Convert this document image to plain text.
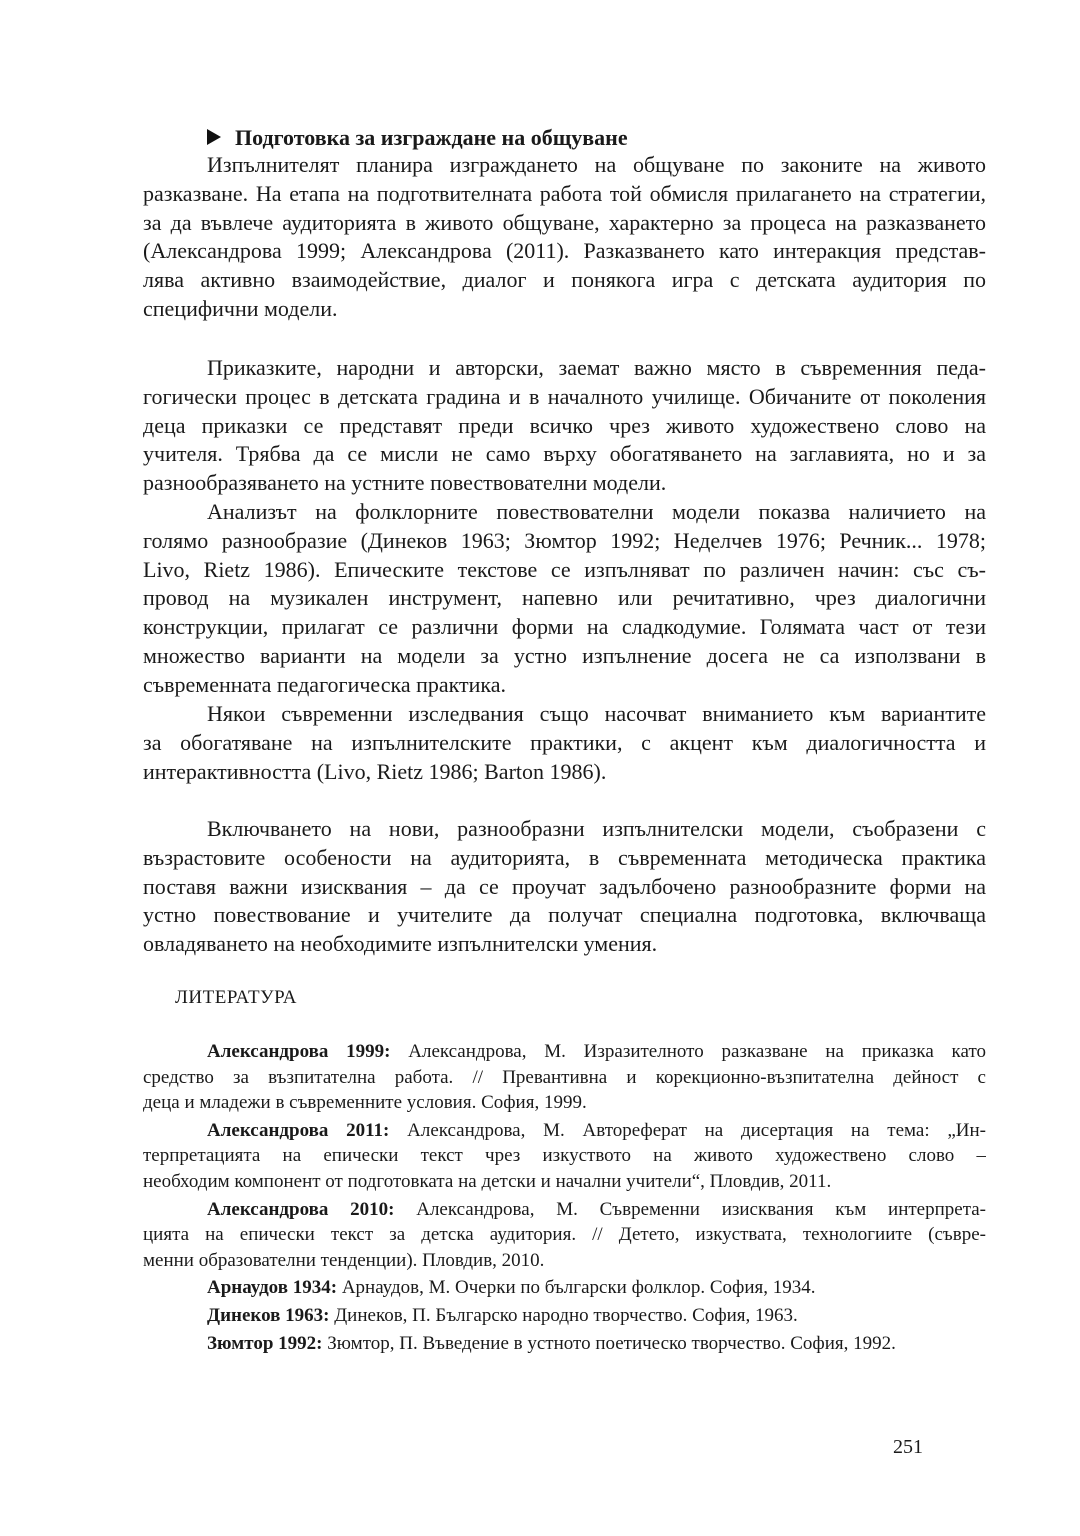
Подготовка за изграждане на общуване
Изпълнителят планира изграждането на общуване по законите на живото
разказване. На етапа на подготвителната работа той обмисля прилагането на стратегии,
за да въвлече аудиторията в живото общуване, характерно за процеса на разказването
(Александрова 1999; Александрова (2011). Разказването като интеракция представ-
лява активно взаимодействие, диалог и понякога игра с детската аудитория по
специфични модели.
Приказките, народни и авторски, заемат важно място в съвременния педа-
гогически процес в детската градина и в началното училище. Обичаните от поколения
деца приказки се представят преди всичко чрез живото художествено слово на
учителя. Трябва да се мисли не само върху обогатяването на заглавията, но и за
разнообразяването на устните повествователни модели.
Анализът на фолклорните повествователни модели показва наличието на
голямо разнообразие (Динеков 1963; Зюмтор 1992; Неделчев 1976; Речник... 1978;
Livo, Rietz 1986). Епическите текстове се изпълняват по различен начин: със съ-
провод на музикален инструмент, напевно или речитативно, чрез диалогични
конструкции, прилагат се различни форми на сладкодумие. Голямата част от тези
множество варианти на модели за устно изпълнение досега не са използвани в
съвременната педагогическа практика.
Някои съвременни изследвания също насочват вниманието към вариантите
за обогатяване на изпълнителските практики, с акцент към диалогичността и
интерактивността (Livo, Rietz 1986; Barton 1986).
Включването на нови, разнообразни изпълнителски модели, съобразени с
възрастовите особености на аудиторията, в съвременната методическа практика
поставя важни изисквания – да се проучат задълбочено разнообразните форми на
устно повествование и учителите да получат специална подготовка, включваща
овладяването на необходимите изпълнителски умения.
ЛИТЕРАТУРА
Александрова 1999: Александрова, М. Изразителното разказване на приказка като
средство за възпитателна работа. // Превантивна и корекционно-възпитателна дейност с
деца и младежи в съвременните условия. София, 1999.
Александрова 2011: Александрова, М. Автореферат на дисертация на тема: „Ин-
терпретацията на епически текст чрез изкуството на живото художествено слово –
необходим компонент от подготовката на детски и начални учители“, Пловдив, 2011.
Александрова 2010: Александрова, М. Съвременни изисквания към интерпрета-
цията на епически текст за детска аудитория. // Детето, изкуствата, технологиите (съвре-
менни образователни тенденции). Пловдив, 2010.
Арнаудов 1934: Арнаудов, М. Очерки по български фолклор. София, 1934.
Динеков 1963: Динеков, П. Българско народно творчество. София, 1963.
Зюмтор 1992: Зюмтор, П. Въведение в устното поетическо творчество. София, 1992.
251
